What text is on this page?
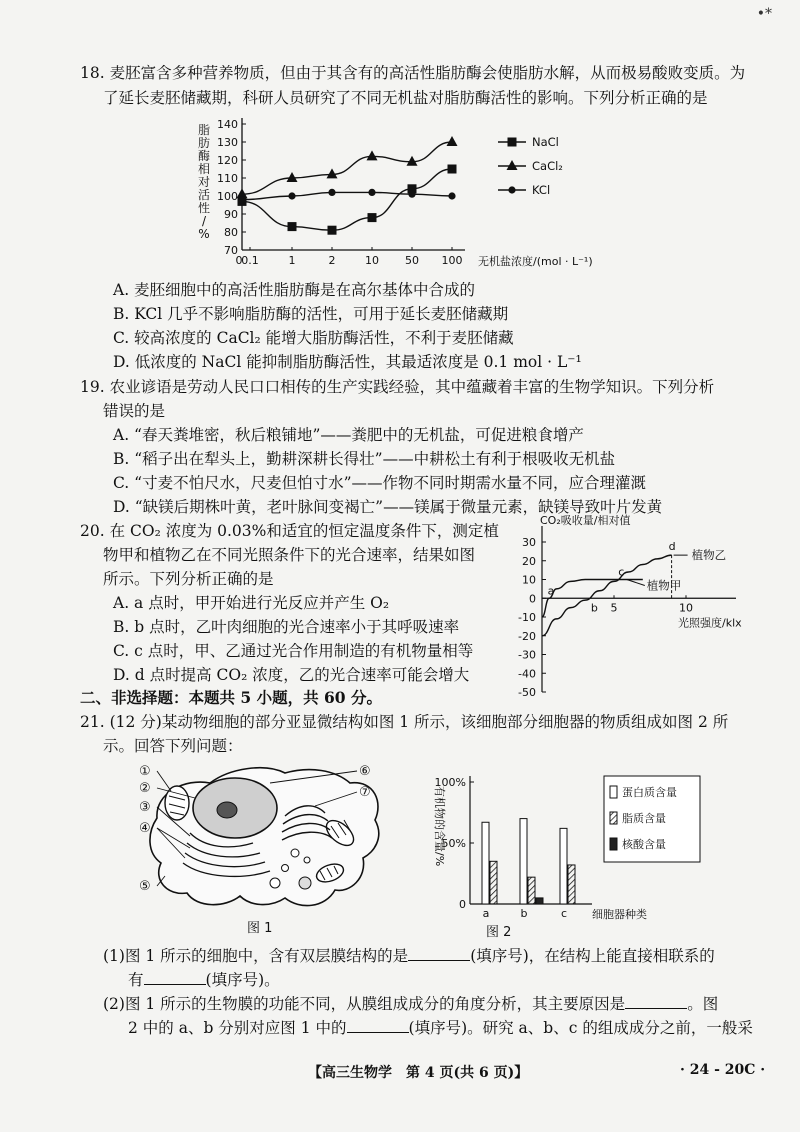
•*
18. 麦胚富含多种营养物质，但由于其含有的高活性脂肪酶会使脂肪水解，从而极易酸败变质。为
了延长麦胚储藏期，科研人员研究了不同无机盐对脂肪酶活性的影响。下列分析正确的是
70
80
90
100
110
120
130
140
0
0.1	1	2	10 50 100
脂
肪
酶
相
对
活
性
/
%
无机盐浓度/(mol · L⁻¹)
NaCl
CaCl₂
KCl
A. 麦胚细胞中的高活性脂肪酶是在高尔基体中合成的
B. KCl 几乎不影响脂肪酶的活性，可用于延长麦胚储藏期
C. 较高浓度的 CaCl₂ 能增大脂肪酶活性，不利于麦胚储藏
D. 低浓度的 NaCl 能抑制脂肪酶活性，其最适浓度是 0.1 mol · L⁻¹
19. 农业谚语是劳动人民口口相传的生产实践经验，其中蕴藏着丰富的生物学知识。下列分析
错误的是
A. “春天粪堆密，秋后粮铺地”——粪肥中的无机盐，可促进粮食增产
B. “稻子出在犁头上，勤耕深耕长得壮”——中耕松土有利于根吸收无机盐
C. “寸麦不怕尺水，尺麦但怕寸水”——作物不同时期需水量不同，应合理灌溉
D. “缺镁后期株叶黄，老叶脉间变褐亡”——镁属于微量元素，缺镁导致叶片发黄
20. 在 CO₂ 浓度为 0.03%和适宜的恒定温度条件下，测定植
物甲和植物乙在不同光照条件下的光合速率，结果如图
所示。下列分析正确的是
A. a 点时，甲开始进行光反应并产生 O₂
B. b 点时，乙叶肉细胞的光合速率小于其呼吸速率
C. c 点时，甲、乙通过光合作用制造的有机物量相等
D. d 点时提高 CO₂ 浓度，乙的光合速率可能会增大
CO₂吸收量/相对值
光照强度/klx
-50
-40
-30
-20
-10
0
10
20
30
5	10
植物乙
植物甲
a
b
c
d
二、非选择题：本题共 5 小题，共 60 分。
21. (12 分)某动物细胞的部分亚显微结构如图 1 所示，该细胞部分细胞器的物质组成如图 2 所
示。回答下列问题：
①
②
③
④
⑤
⑥
⑦
图 1
0
50%
100%
有机物的含量/%
细胞器种类
a	b	c
蛋白质含量
脂质含量
核酸含量
图 2
(1)图 1 所示的细胞中，含有双层膜结构的是	(填序号)，在结构上能直接相联系的
有	(填序号)。
(2)图 1 所示的生物膜的功能不同，从膜组成成分的角度分析，其主要原因是	。图
2 中的 a、b 分别对应图 1 中的	(填序号)。研究 a、b、c 的组成成分之前，一般采
【高三生物学　第 4 页(共 6 页)】	· 24 - 20C ·
